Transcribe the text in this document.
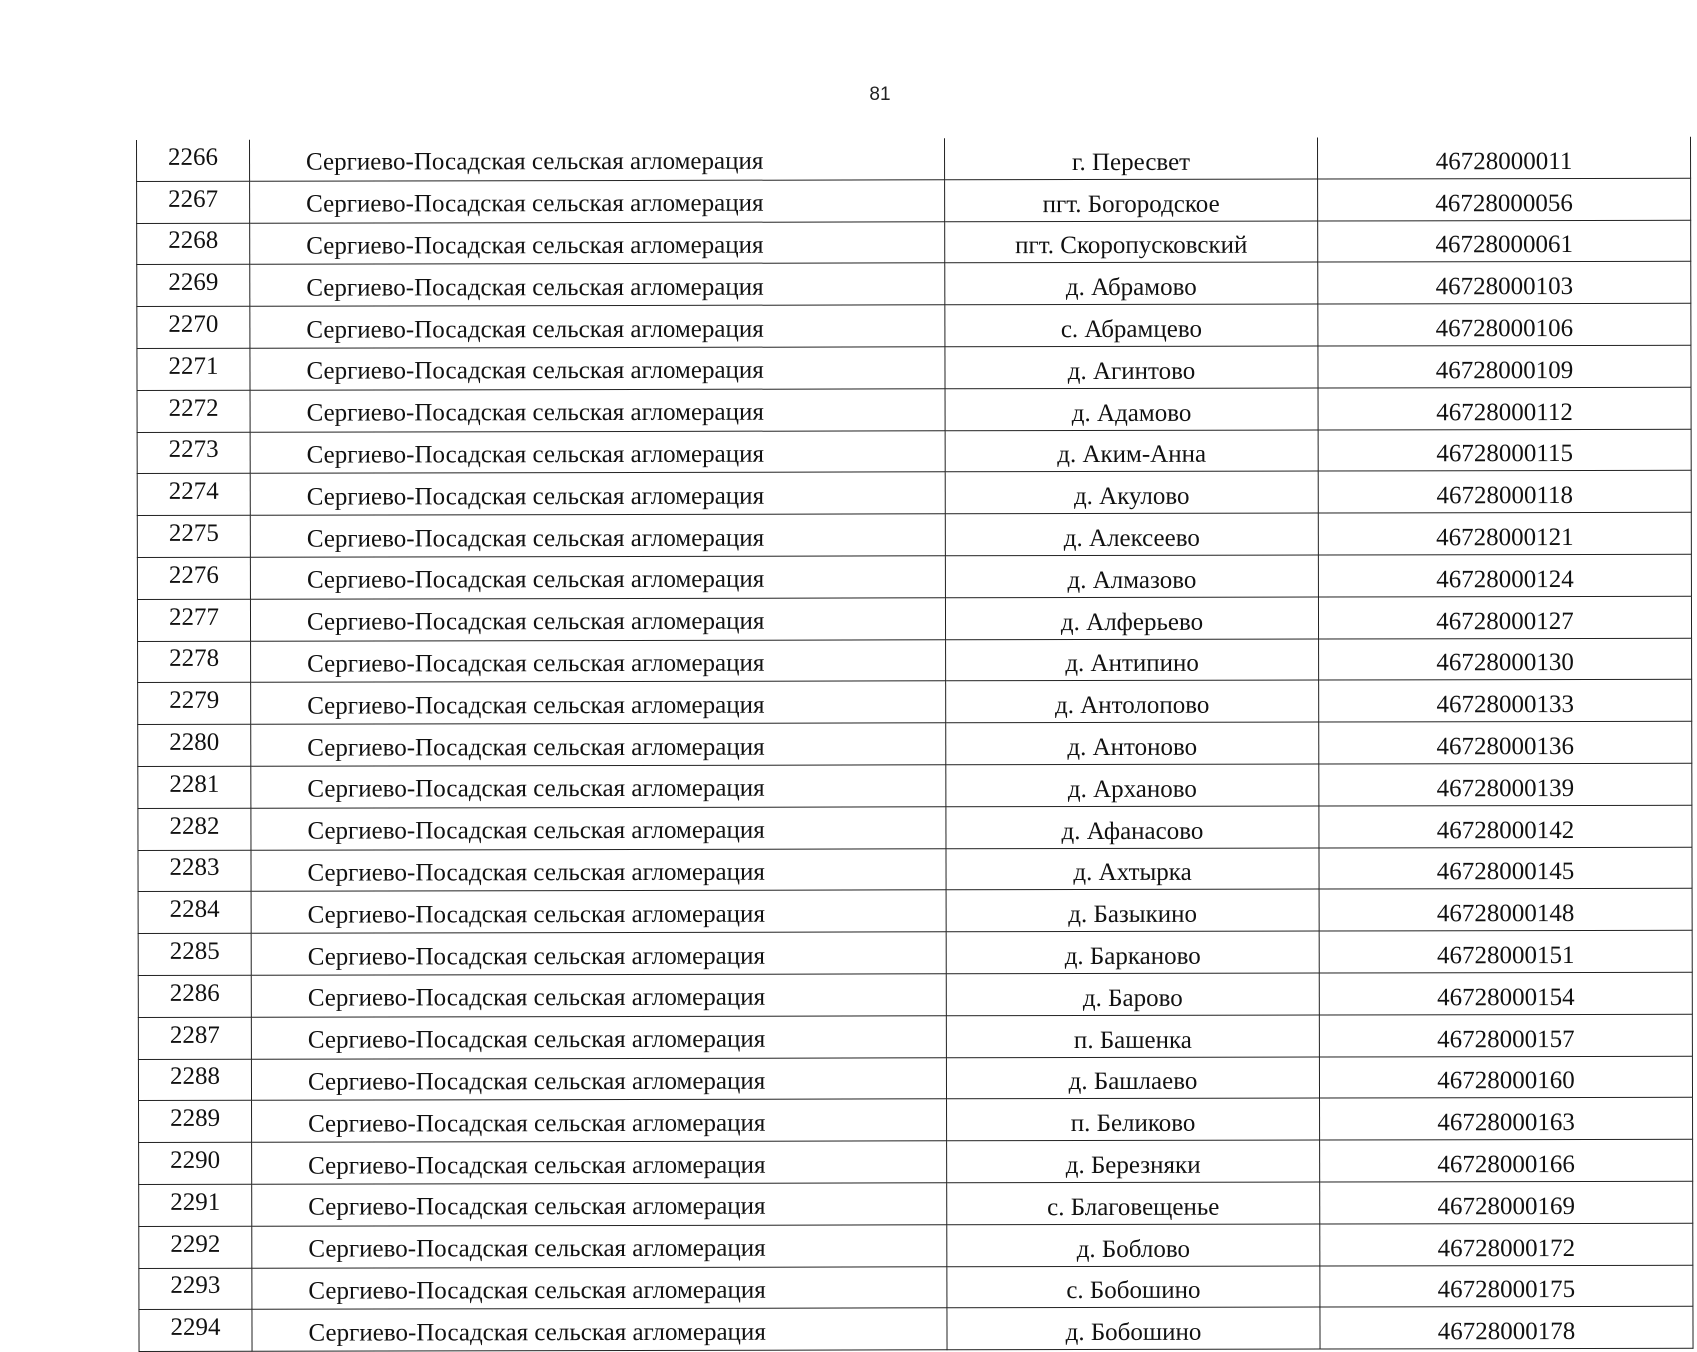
81
2266	Сергиево-Посадская сельская агломерация	г. Пересвет	46728000011
2267	Сергиево-Посадская сельская агломерация	пгт. Богородское	46728000056
2268	Сергиево-Посадская сельская агломерация	пгт. Скоропусковский	46728000061
2269	Сергиево-Посадская сельская агломерация	д. Абрамово	46728000103
2270	Сергиево-Посадская сельская агломерация	с. Абрамцево	46728000106
2271	Сергиево-Посадская сельская агломерация	д. Агинтово	46728000109
2272	Сергиево-Посадская сельская агломерация	д. Адамово	46728000112
2273	Сергиево-Посадская сельская агломерация	д. Аким-Анна	46728000115
2274	Сергиево-Посадская сельская агломерация	д. Акулово	46728000118
2275	Сергиево-Посадская сельская агломерация	д. Алексеево	46728000121
2276	Сергиево-Посадская сельская агломерация	д. Алмазово	46728000124
2277	Сергиево-Посадская сельская агломерация	д. Алферьево	46728000127
2278	Сергиево-Посадская сельская агломерация	д. Антипино	46728000130
2279	Сергиево-Посадская сельская агломерация	д. Антолопово	46728000133
2280	Сергиево-Посадская сельская агломерация	д. Антоново	46728000136
2281	Сергиево-Посадская сельская агломерация	д. Арханово	46728000139
2282	Сергиево-Посадская сельская агломерация	д. Афанасово	46728000142
2283	Сергиево-Посадская сельская агломерация	д. Ахтырка	46728000145
2284	Сергиево-Посадская сельская агломерация	д. Базыкино	46728000148
2285	Сергиево-Посадская сельская агломерация	д. Барканово	46728000151
2286	Сергиево-Посадская сельская агломерация	д. Барово	46728000154
2287	Сергиево-Посадская сельская агломерация	п. Башенка	46728000157
2288	Сергиево-Посадская сельская агломерация	д. Башлаево	46728000160
2289	Сергиево-Посадская сельская агломерация	п. Беликово	46728000163
2290	Сергиево-Посадская сельская агломерация	д. Березняки	46728000166
2291	Сергиево-Посадская сельская агломерация	с. Благовещенье	46728000169
2292	Сергиево-Посадская сельская агломерация	д. Боблово	46728000172
2293	Сергиево-Посадская сельская агломерация	с. Бобошино	46728000175
2294	Сергиево-Посадская сельская агломерация	д. Бобошино	46728000178
